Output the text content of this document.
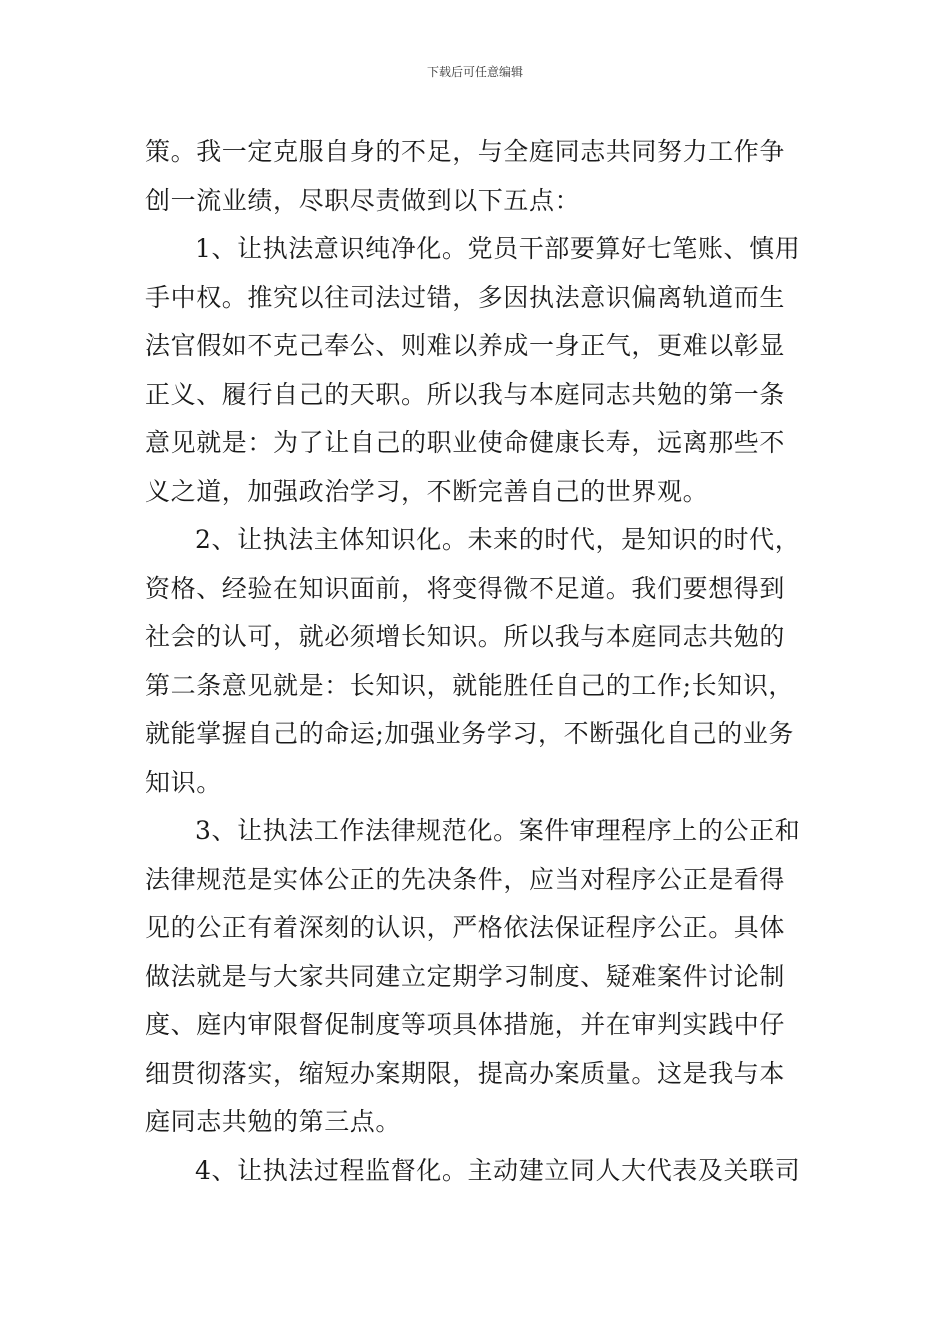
下载后可任意编辑
策。我一定克服自身的不足，与全庭同志共同努力工作争
创一流业绩，尽职尽责做到以下五点：
1、让执法意识纯净化。党员干部要算好七笔账、慎用
手中权。推究以往司法过错，多因执法意识偏离轨道而生
法官假如不克己奉公、则难以养成一身正气，更难以彰显
正义、履行自己的天职。所以我与本庭同志共勉的第一条
意见就是：为了让自己的职业使命健康长寿，远离那些不
义之道，加强政治学习，不断完善自己的世界观。
2、让执法主体知识化。未来的时代，是知识的时代，
资格、经验在知识面前，将变得微不足道。我们要想得到
社会的认可，就必须增长知识。所以我与本庭同志共勉的
第二条意见就是：长知识，就能胜任自己的工作;长知识，
就能掌握自己的命运;加强业务学习，不断强化自己的业务
知识。
3、让执法工作法律规范化。案件审理程序上的公正和
法律规范是实体公正的先决条件，应当对程序公正是看得
见的公正有着深刻的认识，严格依法保证程序公正。具体
做法就是与大家共同建立定期学习制度、疑难案件讨论制
度、庭内审限督促制度等项具体措施，并在审判实践中仔
细贯彻落实，缩短办案期限，提高办案质量。这是我与本
庭同志共勉的第三点。
4、让执法过程监督化。主动建立同人大代表及关联司
